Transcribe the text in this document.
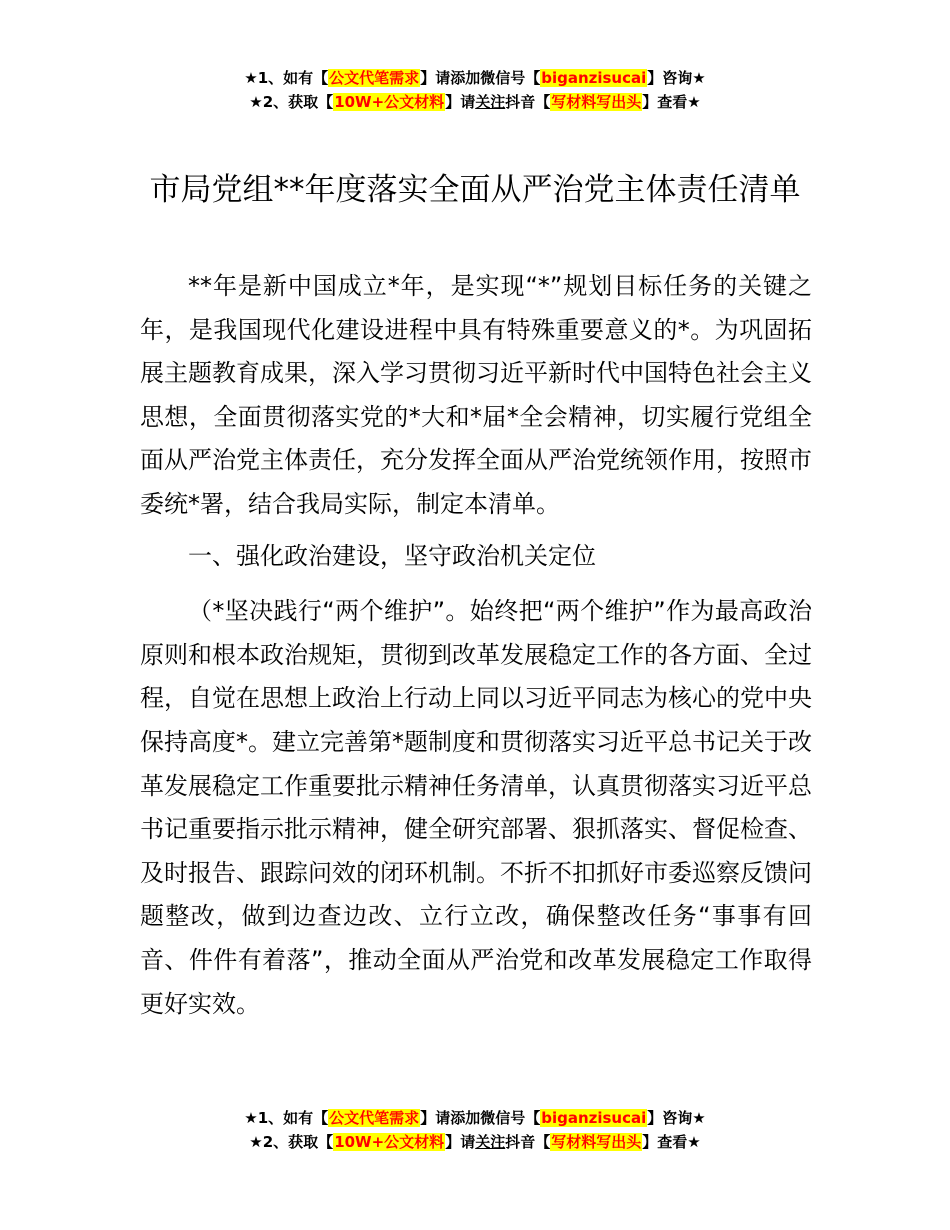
★1、如有【公文代笔需求】请添加微信号【biganzisucai】咨询★
★2、获取【10W+公文材料】请关注抖音【写材料写出头】查看★
市局党组**年度落实全面从严治党主体责任清单

**年是新中国成立*年，是实现“*”规划目标任务的关键之年，是我国现代化建设进程中具有特殊重要意义的*。为巩固拓展主题教育成果，深入学习贯彻习近平新时代中国特色社会主义思想，全面贯彻落实党的*大和*届*全会精神，切实履行党组全面从严治党主体责任，充分发挥全面从严治党统领作用，按照市委统*署，结合我局实际，制定本清单。

一、强化政治建设，坚守政治机关定位

（*坚决践行“两个维护”。始终把“两个维护”作为最高政治原则和根本政治规矩，贯彻到改革发展稳定工作的各方面、全过程，自觉在思想上政治上行动上同以习近平同志为核心的党中央保持高度*。建立完善第*题制度和贯彻落实习近平总书记关于改革发展稳定工作重要批示精神任务清单，认真贯彻落实习近平总书记重要指示批示精神，健全研究部署、狠抓落实、督促检查、及时报告、跟踪问效的闭环机制。不折不扣抓好市委巡察反馈问题整改，做到边查边改、立行立改，确保整改任务“事事有回音、件件有着落”，推动全面从严治党和改革发展稳定工作取得更好实效。

★1、如有【公文代笔需求】请添加微信号【biganzisucai】咨询★
★2、获取【10W+公文材料】请关注抖音【写材料写出头】查看★
